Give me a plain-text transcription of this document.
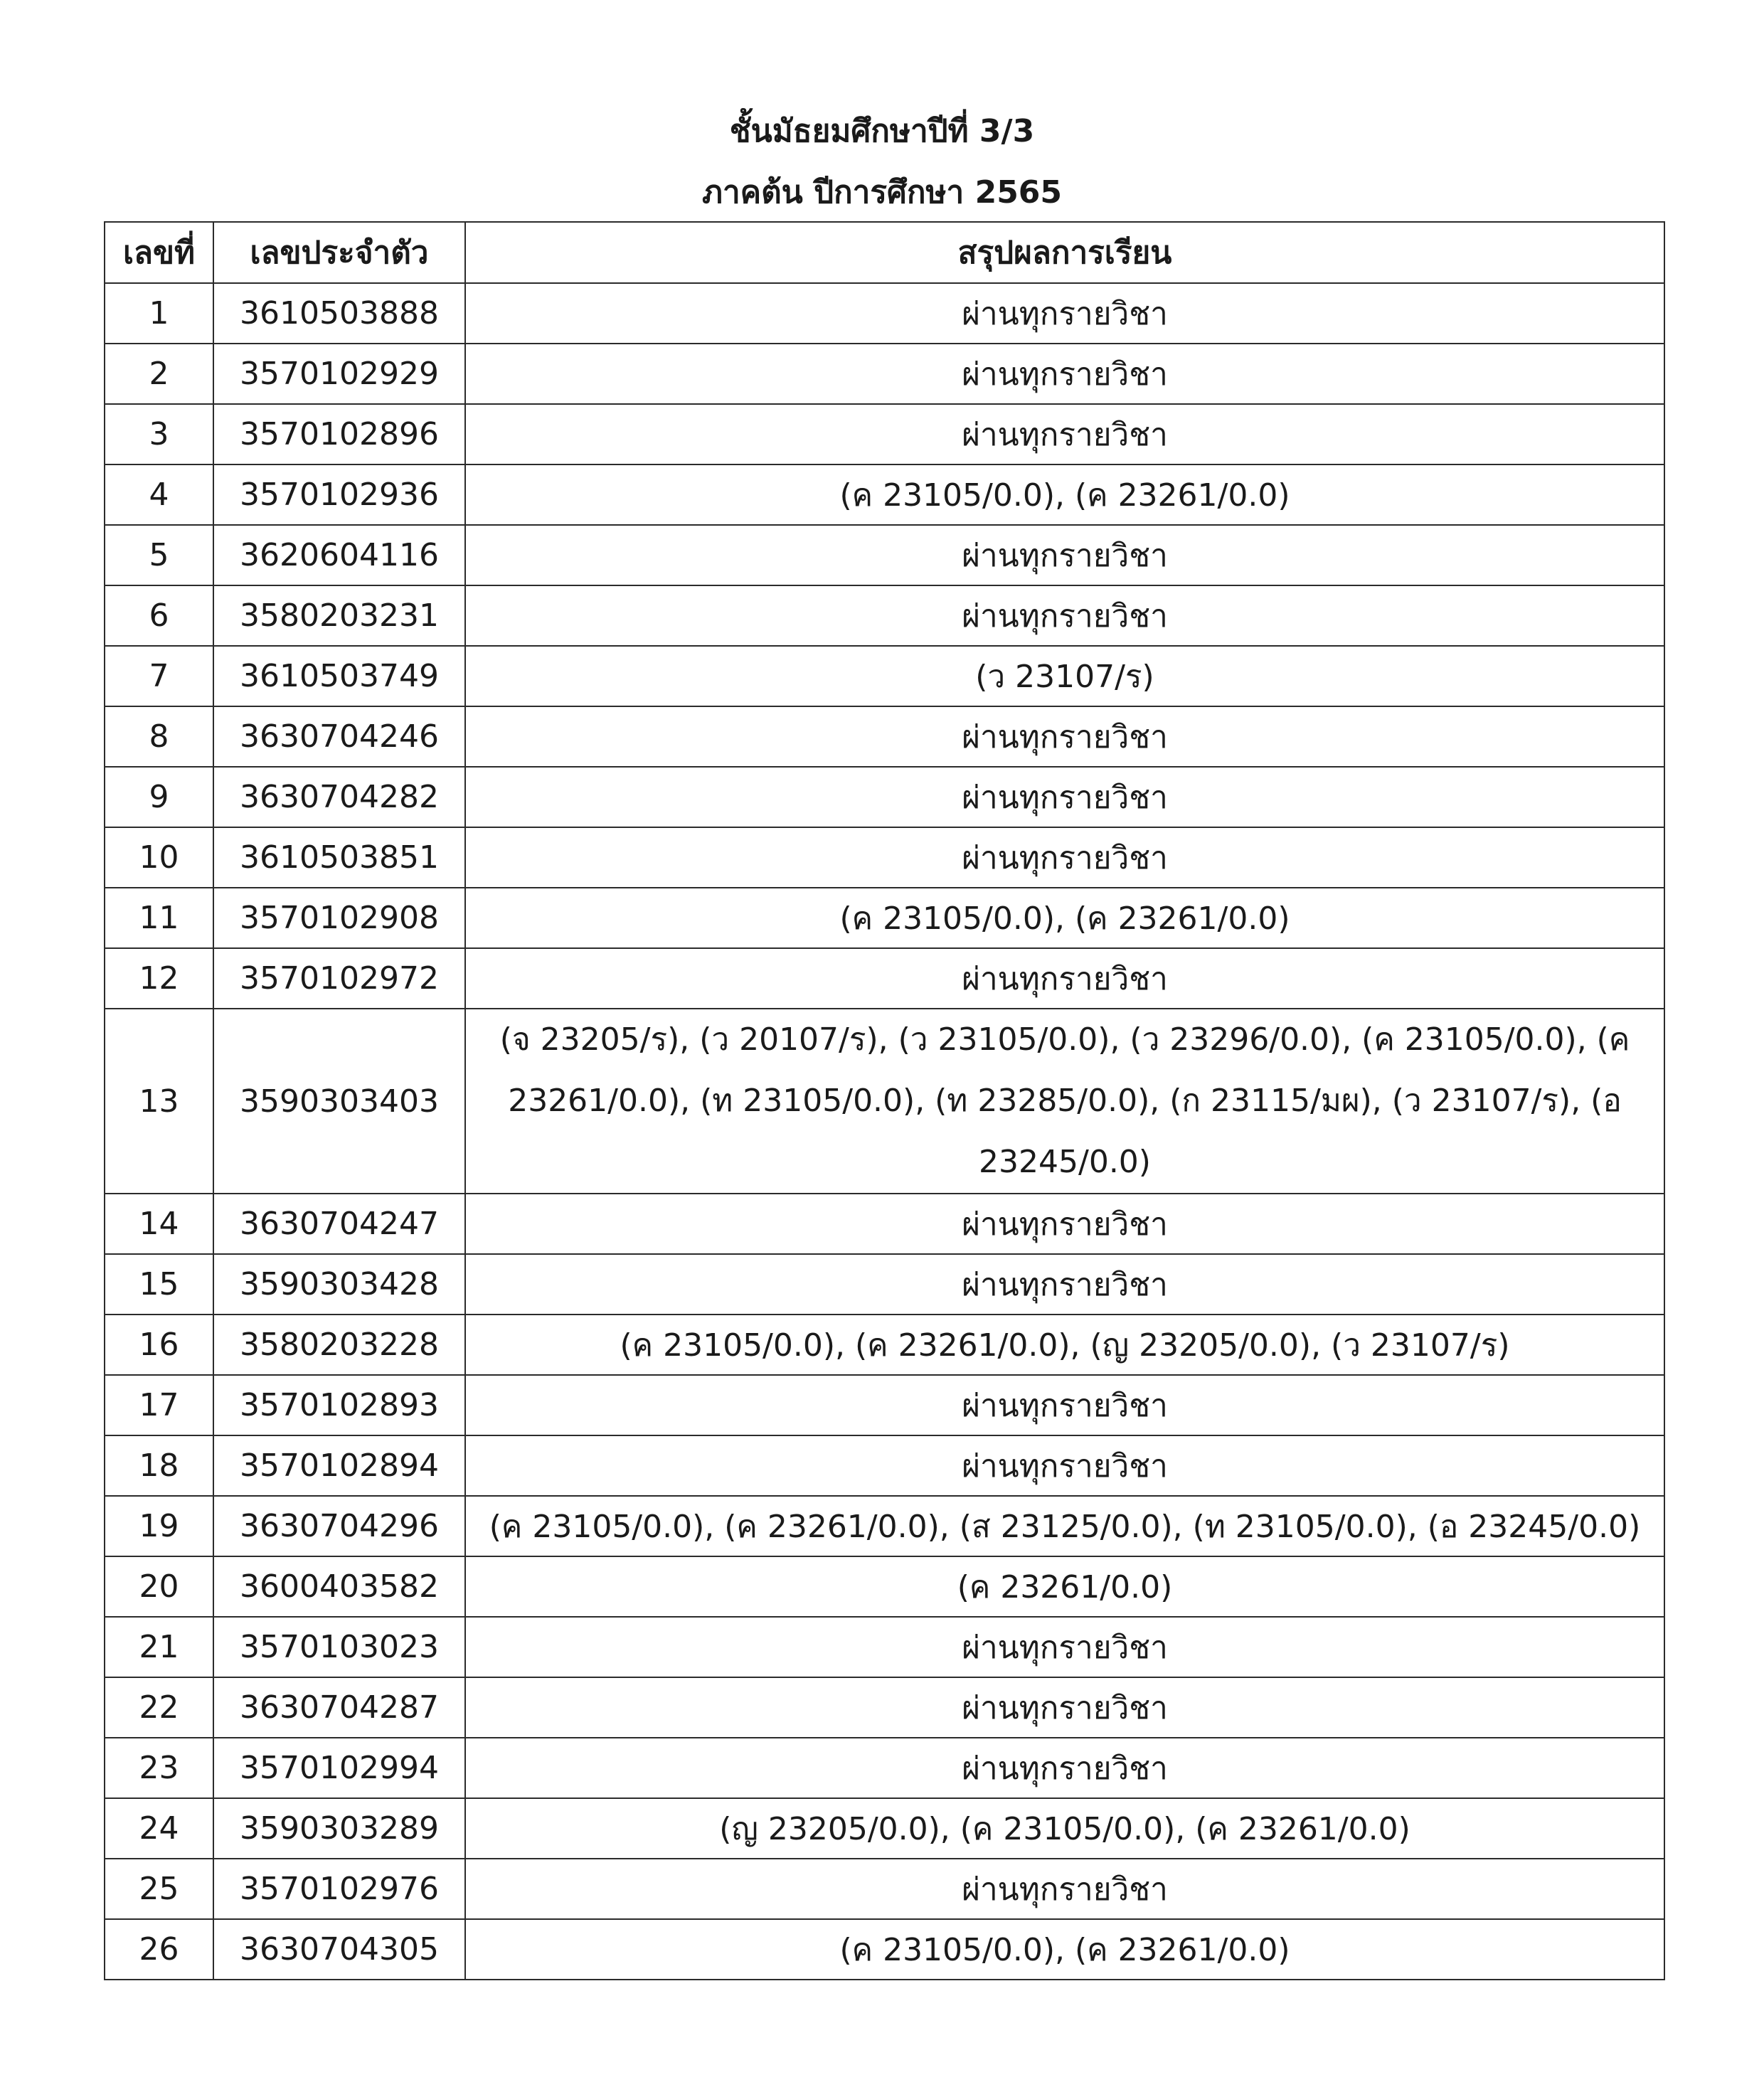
ชั้นมัธยมศึกษาปีที่ 3/3
ภาคต้น ปีการศึกษา 2565
เลขที่	เลขประจำตัว	สรุปผลการเรียน
1	3610503888	ผ่านทุกรายวิชา
2	3570102929	ผ่านทุกรายวิชา
3	3570102896	ผ่านทุกรายวิชา
4	3570102936	(ค 23105/0.0), (ค 23261/0.0)
5	3620604116	ผ่านทุกรายวิชา
6	3580203231	ผ่านทุกรายวิชา
7	3610503749	(ว 23107/ร)
8	3630704246	ผ่านทุกรายวิชา
9	3630704282	ผ่านทุกรายวิชา
10	3610503851	ผ่านทุกรายวิชา
11	3570102908	(ค 23105/0.0), (ค 23261/0.0)
12	3570102972	ผ่านทุกรายวิชา
13	3590303403	(จ 23205/ร), (ว 20107/ร), (ว 23105/0.0), (ว 23296/0.0), (ค 23105/0.0), (ค 23261/0.0), (ท 23105/0.0), (ท 23285/0.0), (ก 23115/มผ), (ว 23107/ร), (อ 23245/0.0)
14	3630704247	ผ่านทุกรายวิชา
15	3590303428	ผ่านทุกรายวิชา
16	3580203228	(ค 23105/0.0), (ค 23261/0.0), (ญ 23205/0.0), (ว 23107/ร)
17	3570102893	ผ่านทุกรายวิชา
18	3570102894	ผ่านทุกรายวิชา
19	3630704296	(ค 23105/0.0), (ค 23261/0.0), (ส 23125/0.0), (ท 23105/0.0), (อ 23245/0.0)
20	3600403582	(ค 23261/0.0)
21	3570103023	ผ่านทุกรายวิชา
22	3630704287	ผ่านทุกรายวิชา
23	3570102994	ผ่านทุกรายวิชา
24	3590303289	(ญ 23205/0.0), (ค 23105/0.0), (ค 23261/0.0)
25	3570102976	ผ่านทุกรายวิชา
26	3630704305	(ค 23105/0.0), (ค 23261/0.0)
